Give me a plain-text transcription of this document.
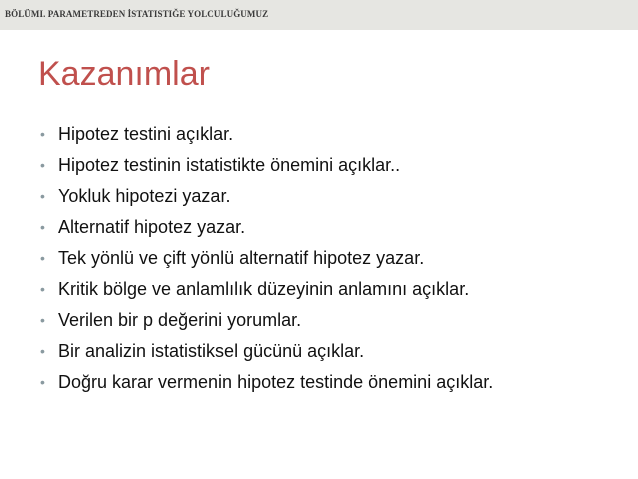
BÖLÜMI. PARAMETREDEN İSTATISTIĞE YOLCULUĞUMUZ
Kazanımlar
• Hipotez testini açıklar.
• Hipotez testinin istatistikte önemini açıklar..
• Yokluk hipotezi yazar.
• Alternatif hipotez yazar.
• Tek yönlü ve çift yönlü alternatif hipotez yazar.
• Kritik bölge ve anlamlılık düzeyinin anlamını açıklar.
• Verilen bir p değerini yorumlar.
• Bir analizin istatistiksel gücünü açıklar.
• Doğru karar vermenin hipotez testinde önemini açıklar.
